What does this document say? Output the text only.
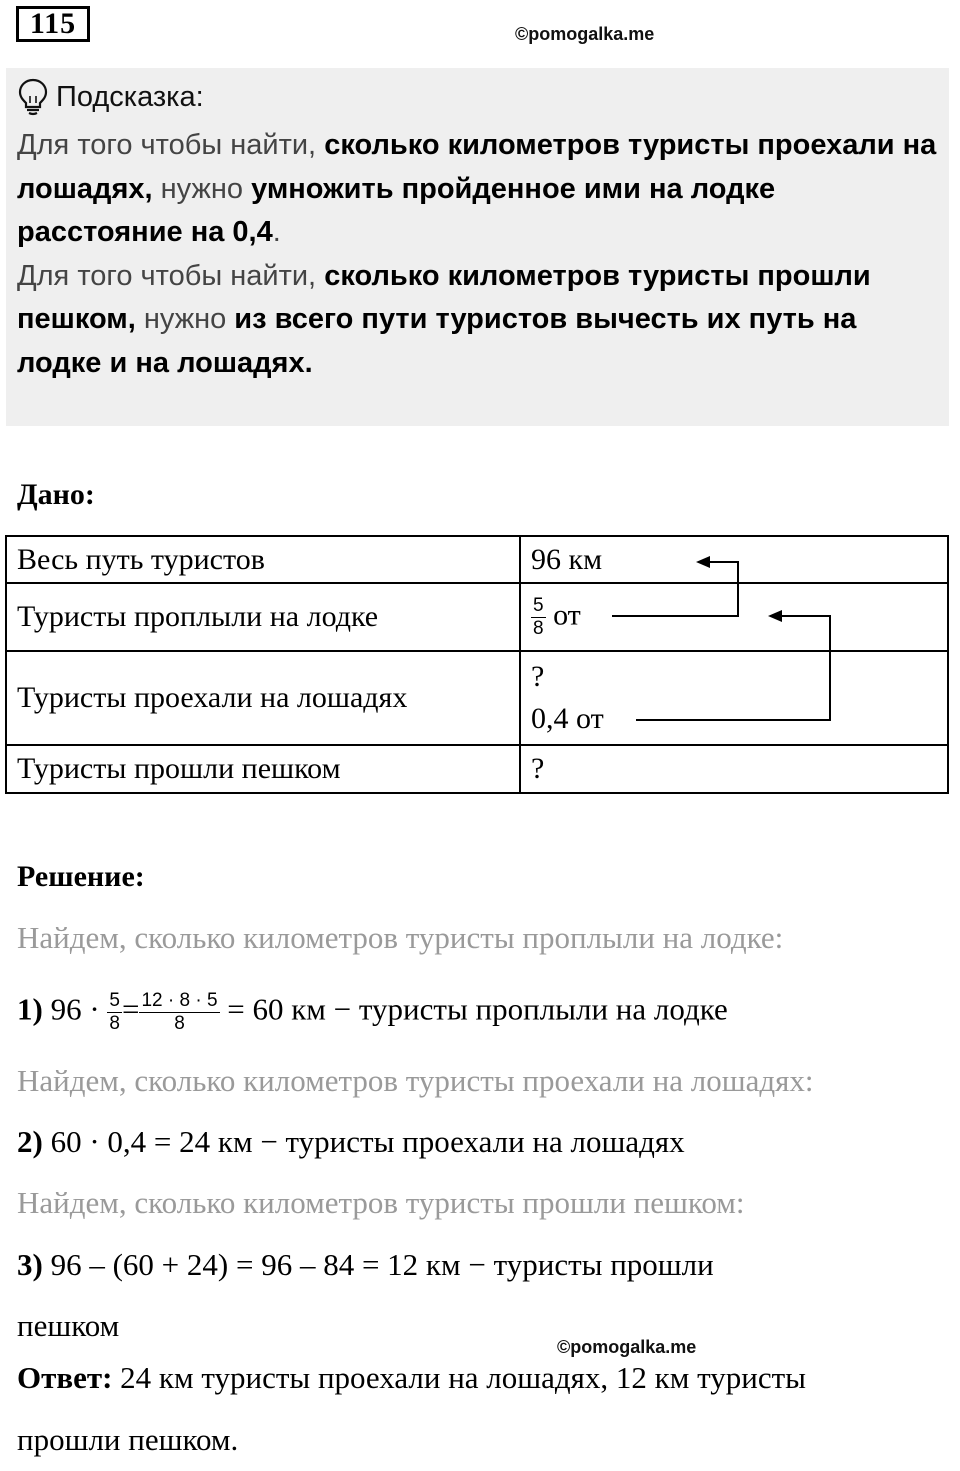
115	©pomogalka.me
Подсказка:
Для того чтобы найти, сколько километров туристы проехали на лошадях, нужно умножить пройденное ими на лодке расстояние на 0,4.
Для того чтобы найти, сколько километров туристы прошли пешком, нужно из всего пути туристов вычесть их путь на лодке и на лошадях.
Дано:
Весь путь туристов	96 км
Туристы проплыли на лодке	$\frac{5}{8}$ от
Туристы проехали на лошадях	?
0,4 от

Туристы прошли пешком	?
Решение:
Найдем, сколько километров туристы проплыли на лодке:
1) $96 \cdot \frac{5}{8} = \frac{12 \cdot 8 \cdot 5}{8} = 60$ км − туристы проплыли на лодке
Найдем, сколько километров туристы проехали на лошадях:
2) 60 · 0,4 = 24 км − туристы проехали на лошадях
Найдем, сколько километров туристы прошли пешком:
3) 96 – (60 + 24) = 96 – 84 = 12 км − туристы прошли
пешком
©pomogalka.me
Ответ: 24 км туристы проехали на лошадях, 12 км туристы
прошли пешком.
